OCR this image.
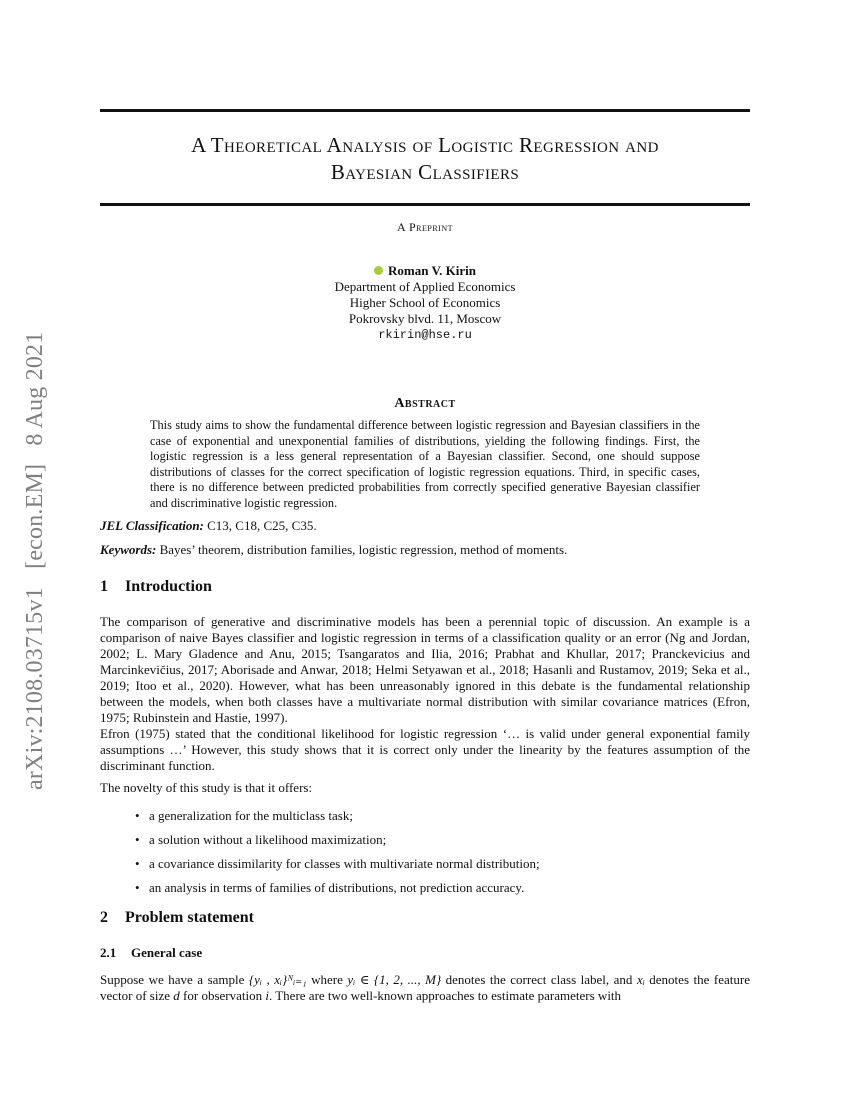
arXiv:2108.03715v1 [econ.EM] 8 Aug 2021
A Theoretical Analysis of Logistic Regression and
Bayesian Classifiers
A Preprint
Roman V. Kirin
Department of Applied Economics
Higher School of Economics
Pokrovsky blvd. 11, Moscow
rkirin@hse.ru
Abstract
This study aims to show the fundamental difference between logistic regression and Bayesian classifiers in the case of exponential and unexponential families of distributions, yielding the following findings. First, the logistic regression is a less general representation of a Bayesian classifier. Second, one should suppose distributions of classes for the correct specification of logistic regression equations. Third, in specific cases, there is no difference between predicted probabilities from correctly specified generative Bayesian classifier and discriminative logistic regression.
JEL Classification: C13, C18, C25, C35.
Keywords: Bayes’ theorem, distribution families, logistic regression, method of moments.
1 Introduction
The comparison of generative and discriminative models has been a perennial topic of discussion. An example is a comparison of naive Bayes classifier and logistic regression in terms of a classification quality or an error (Ng and Jordan, 2002; L. Mary Gladence and Anu, 2015; Tsangaratos and Ilia, 2016; Prabhat and Khullar, 2017; Pranckevicius and Marcinkevičius, 2017; Aborisade and Anwar, 2018; Helmi Setyawan et al., 2018; Hasanli and Rustamov, 2019; Seka et al., 2019; Itoo et al., 2020). However, what has been unreasonably ignored in this debate is the fundamental relationship between the models, when both classes have a multivariate normal distribution with similar covariance matrices (Efron, 1975; Rubinstein and Hastie, 1997).
Efron (1975) stated that the conditional likelihood for logistic regression ‘… is valid under general exponential family assumptions …’ However, this study shows that it is correct only under the linearity by the features assumption of the discriminant function.
The novelty of this study is that it offers:
• a generalization for the multiclass task;
• a solution without a likelihood maximization;
• a covariance dissimilarity for classes with multivariate normal distribution;
• an analysis in terms of families of distributions, not prediction accuracy.
2 Problem statement
2.1 General case
Suppose we have a sample {yᵢ , xᵢ}ᴺᵢ₌₁ where yᵢ ∈ {1, 2, ..., M} denotes the correct class label, and xᵢ denotes the feature vector of size d for observation i. There are two well-known approaches to estimate parameters with
